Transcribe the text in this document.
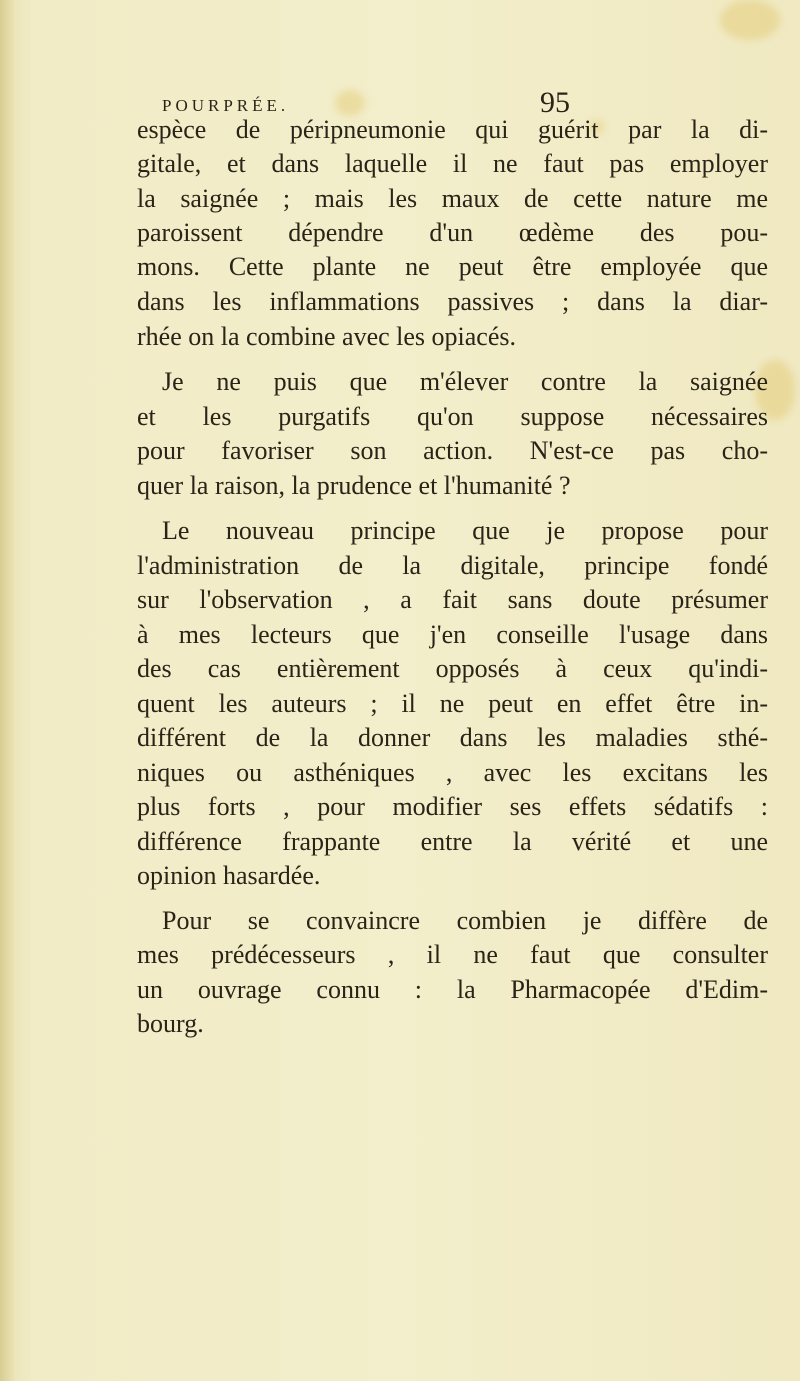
POURPRÉE.	95
espèce de péripneumonie qui guérit par la di-
gitale, et dans laquelle il ne faut pas employer
la saignée ; mais les maux de cette nature me
paroissent dépendre d'un œdème des pou-
mons. Cette plante ne peut être employée que
dans les inflammations passives ; dans la diar-
rhée on la combine avec les opiacés.
Je ne puis que m'élever contre la saignée
et les purgatifs qu'on suppose nécessaires
pour favoriser son action. N'est-ce pas cho-
quer la raison, la prudence et l'humanité ?
Le nouveau principe que je propose pour
l'administration de la digitale, principe fondé
sur l'observation , a fait sans doute présumer
à mes lecteurs que j'en conseille l'usage dans
des cas entièrement opposés à ceux qu'indi-
quent les auteurs ; il ne peut en effet être in-
différent de la donner dans les maladies sthé-
niques ou asthéniques , avec les excitans les
plus forts , pour modifier ses effets sédatifs :
différence frappante entre la vérité et une
opinion hasardée.
Pour se convaincre combien je diffère de
mes prédécesseurs , il ne faut que consulter
un ouvrage connu : la Pharmacopée d'Edim-
bourg.
